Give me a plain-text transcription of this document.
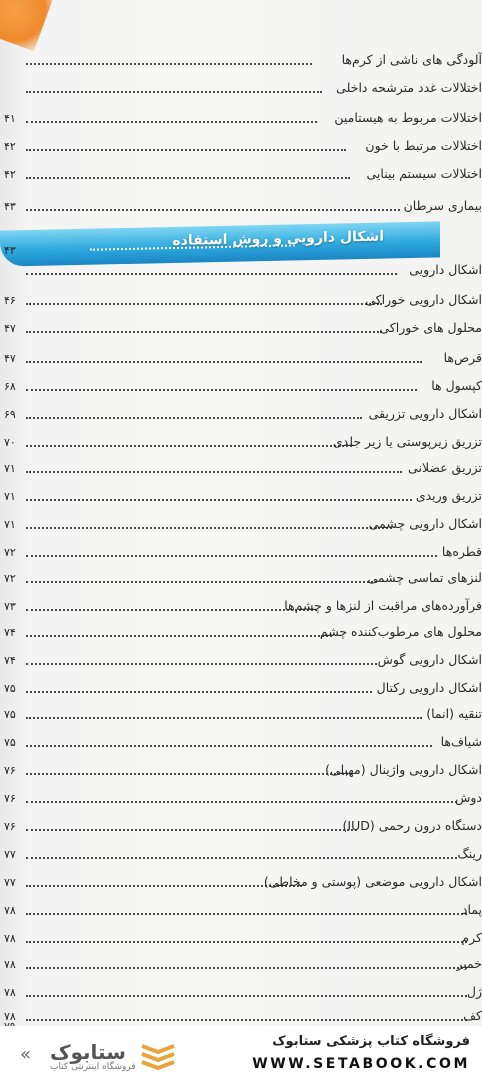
آلودگی های ناشی از کرم‌ها
اختلالات غدد مترشحه داخلی
اختلالات مربوط به هیستامین
۴۱
اختلالات مرتبط با خون
۴۲
اختلالات سیستم بینایی
۴۲
بیماری سرطان
۴۳
اشکال دارویی و روش استفاده
۴۳
اشکال دارویی
اشکال دارویی خوراکی
۴۶
محلول های خوراکی
۴۷
قرص‌ها
۴۷
کپسول ها
۶۸
اشکال دارویی تزریقی
۶۹
تزریق زیرپوستی یا زیر جلدی
۷۰
تزریق عضلانی
۷۱
تزریق وریدی
۷۱
اشکال دارویی چشمی
۷۱
قطره‌ها
۷۲
لنزهای تماسی چشمی
۷۲
فرآورده‌های مراقبت از لنزها و چشم‌ها
۷۳
محلول های مرطوب‌کننده چشم
۷۴
اشکال دارویی گوش
۷۴
اشکال دارویی رکتال
۷۵
تنقیه (انما)
۷۵
شیاف‌ها
۷۵
اشکال دارویی واژینال (مهبلی)
۷۶
دوش
۷۶
دستگاه درون رحمی (IUD)
۷۶
رینگ
۷۷
اشکال دارویی موضعی (پوستی و مخاطی)
۷۷
پماد
۷۸
کرم
۷۸
خمیر
۷۸
ژل
۷۸
کف
۷۸
« ستابوک
فروشگاه اینترنتی کتاب
فروشگاه کتاب پزشکی ستابوک
WWW.SETABOOK.COM
